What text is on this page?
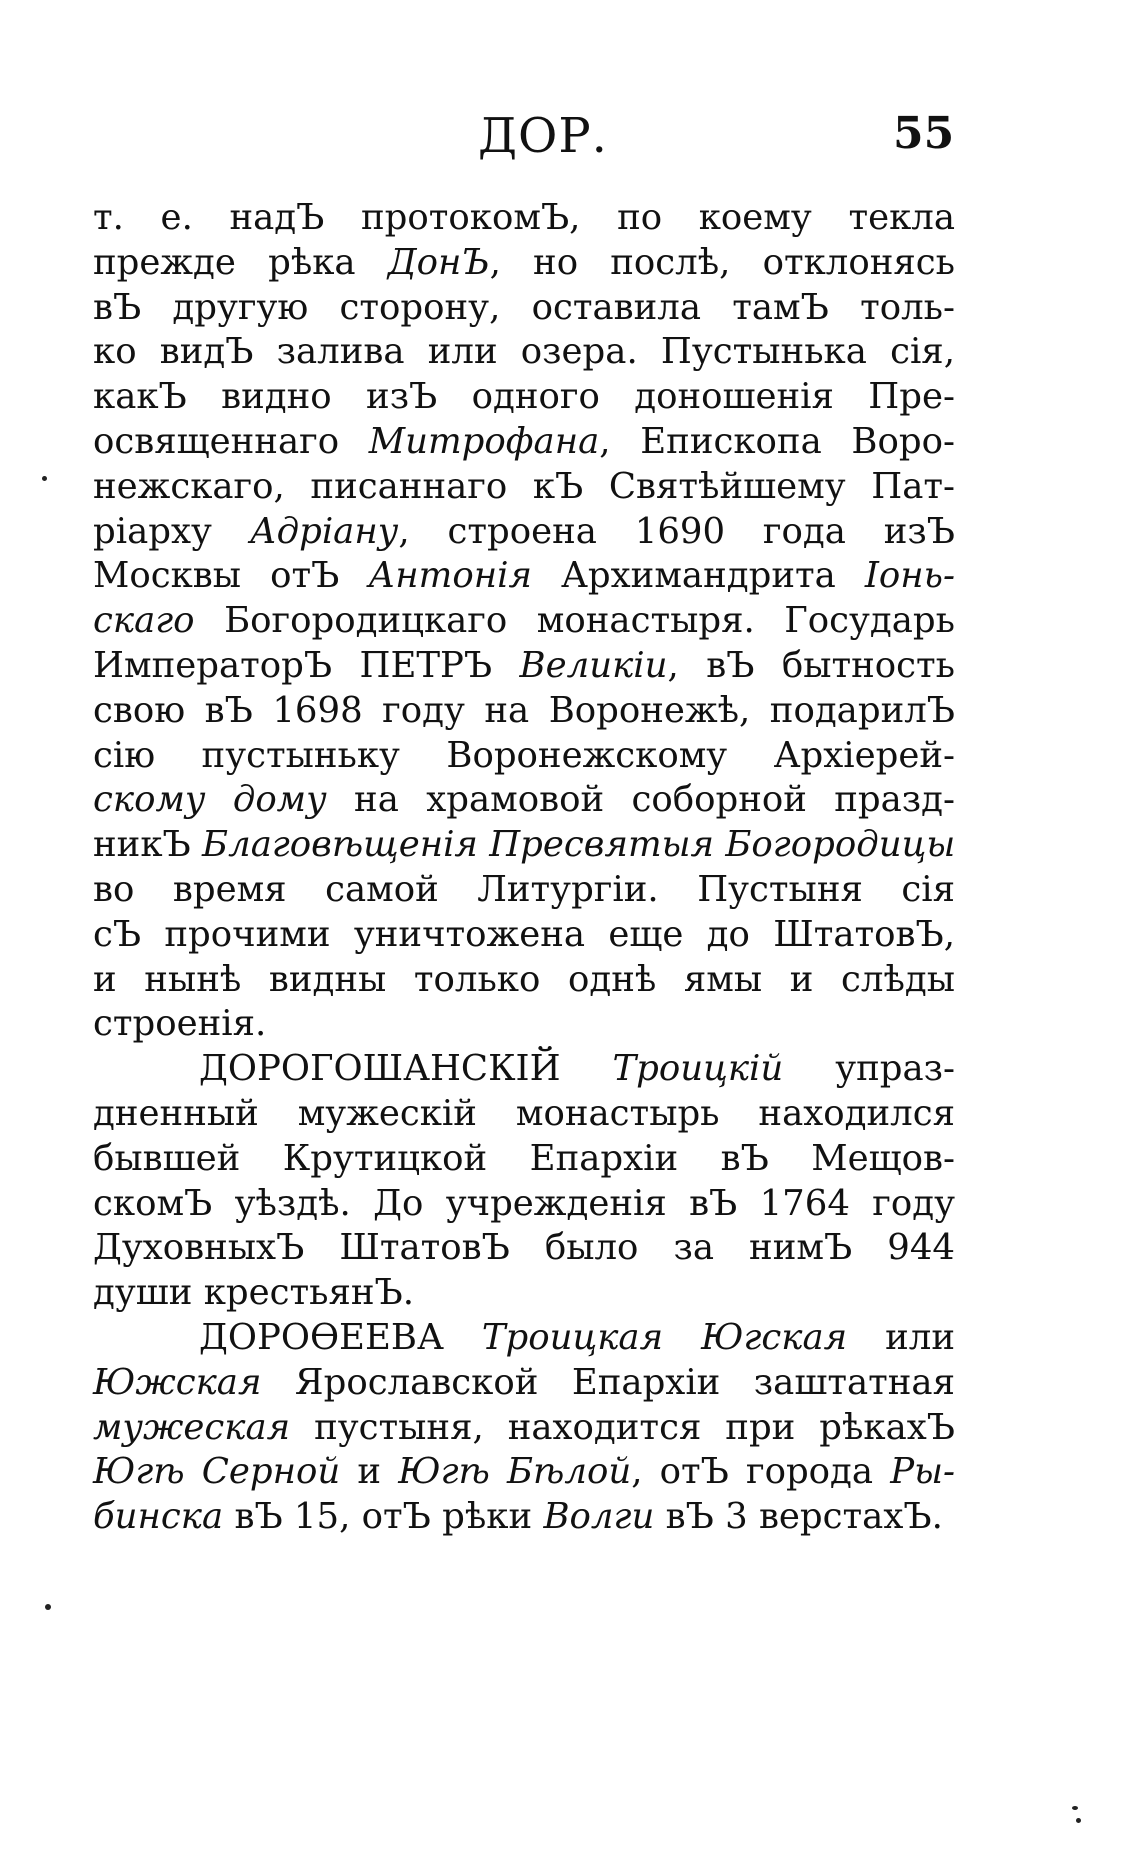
ДОР.	55
т. е. надЪ протокомЪ, по коему текла
прежде рѣка ДонЪ, но послѣ, отклонясь
вЪ другую сторону, оставила тамЪ толь-
ко видЪ залива или озера. Пустынька сія,
какЪ видно изЪ одного доношенія Пре-
освященнаго Митрофана, Епископа Воро-
нежскаго, писаннаго кЪ Святѣйшему Пат-
ріарху Адріану, строена 1690 года изЪ
Москвы отЪ Антонія Архимандрита Іонь-
скаго Богородицкаго монастыря. Государь
ИмператорЪ ПЕТРЪ Великіи, вЪ бытность
свою вЪ 1698 году на Воронежѣ, подарилЪ
сію пустыньку Воронежскому Архіерей-
скому дому на храмовой соборной празд-
никЪ Благовѣщенія Пресвятыя Богородицы
во время самой Литургіи. Пустыня сія
сЪ прочими уничтожена еще до ШтатовЪ,
и нынѣ видны только однѣ ямы и слѣды
строенія.
ДОРОГОШАНСКІЙ Троицкій упраз-
дненный мужескій монастырь находился
бывшей Крутицкой Епархіи вЪ Мещов-
скомЪ уѣздѣ. До учрежденія вЪ 1764 году
ДуховныхЪ ШтатовЪ было за нимЪ 944
души крестьянЪ.
ДОРОѲЕЕВА Троицкая Югская или
Южская Ярославской Епархіи заштатная
мужеская пустыня, находится при рѣкахЪ
Югѣ Серной и Югѣ Бѣлой, отЪ города Ры-
бинска вЪ 15, отЪ рѣки Волги вЪ 3 верстахЪ.
